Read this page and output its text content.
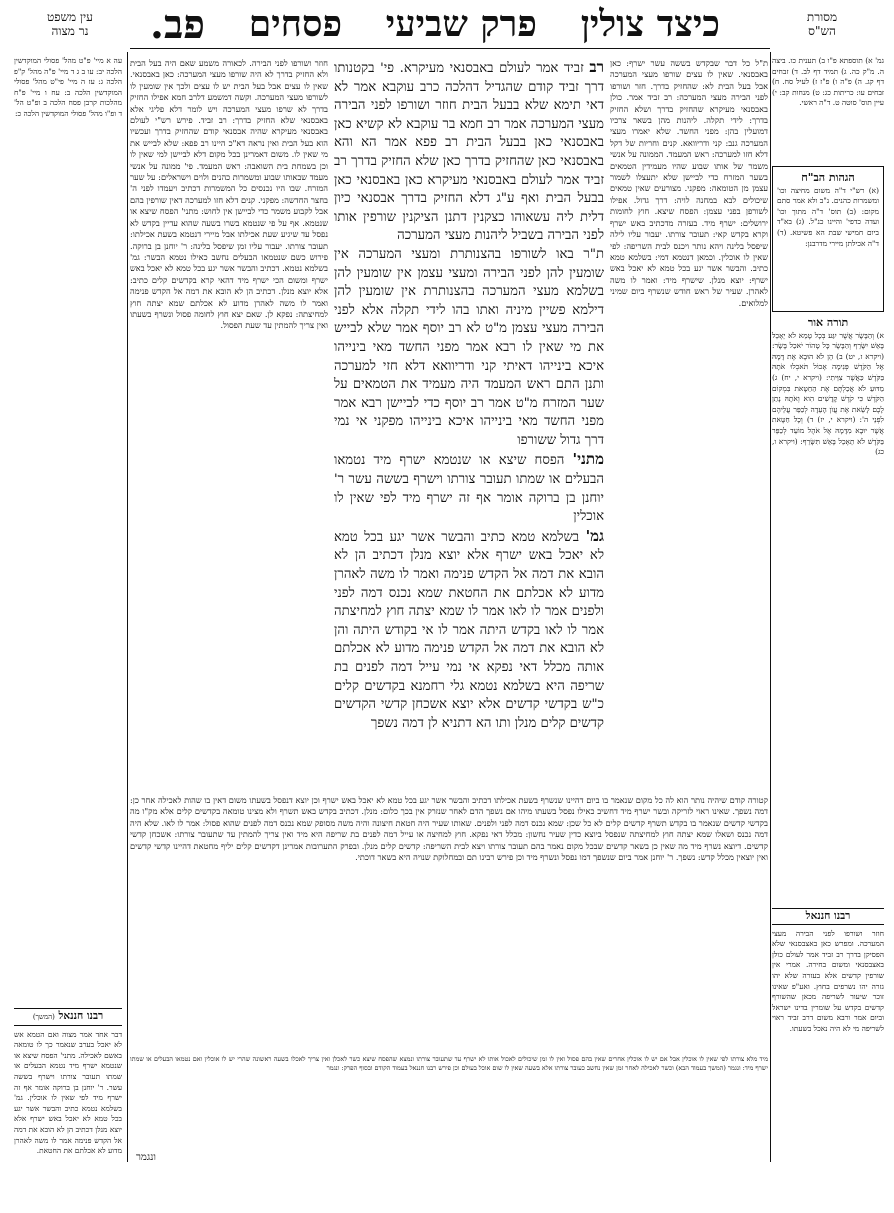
עין משפט
נר מצוה	כיצד צולין
פרק שביעי
פסחים
פב.	מסורת
הש"ס

עה א מיי' פ"ט מהל' פסולי המוקדשין הלכה יב: עו ב ג ד מיי' פ"ה מהל' ק"פ הלכה ג: עז ה מיי' פי"ט מהל' פסולי המוקדשין הלכה ב: עח ו מיי' פ"ח מהלכות קרבן פסח הלכה ב ופ"ט הל' ד ופ"ו מהל' פסולי המוקדשין הלכה כ:

גמ' א) תוספתא פ"ו ב) תענית כו. ביצה ה. מ"ק כה. ג) תמיד דף לב. ד) זבחים דף קג. ה) פ"ה ו) פ"ז ז) לעיל סח. ח) זבחים עו: כריתות כג: ט) מנחות קב: י) עיין תוס' סוטה ט. ד"ה ראשי.

הגהות הב"ח

(א) רש"י ד"ה משום מחיצה וכו' ומשמרות כהנים. נ"ב ולא אמר סתם מקום: (ב) תוס' ד"ה מתוך וכו' ועדה כדפי' והיינו כנ"ל. (ג) בא"ד ביום חמישי שבת הא פשיטא. (ד) ד"ה אכילתן מיירי מדרבנן:

תורה אור

א) וְהַבָּשָׂר אֲשֶׁר יִגַּע בְּכָל טָמֵא לֹא יֵאָכֵל בָּאֵשׁ יִשָּׂרֵף וְהַבָּשָׂר כָּל טָהוֹר יֹאכַל בָּשָׂר: (ויקרא ז, יט) ב) הֵן לֹא הוּבָא אֶת דָּמָהּ אֶל הַקֹּדֶשׁ פְּנִימָה אָכוֹל תֹּאכְלוּ אֹתָהּ בַּקֹּדֶשׁ כַּאֲשֶׁר צִוֵּיתִי: (ויקרא י, יח) ג) מַדּוּעַ לֹא אֲכַלְתֶּם אֶת הַחַטָּאת בִּמְקוֹם הַקֹּדֶשׁ כִּי קֹדֶשׁ קָדָשִׁים הִוא וְאֹתָהּ נָתַן לָכֶם לָשֵׂאת אֶת עֲוֺן הָעֵדָה לְכַפֵּר עֲלֵיהֶם לִפְנֵי ה': (ויקרא י, יז) ד) וְכָל חַטָּאת אֲשֶׁר יוּבָא מִדָּמָהּ אֶל אֹהֶל מוֹעֵד לְכַפֵּר בַּקֹּדֶשׁ לֹא תֵאָכֵל בָּאֵשׁ תִּשָּׂרֵף: (ויקרא ו, כג)

חוזר ושורפו לפני הבירה. לכאורה משמע שאם היה בעל הבית ולא החזיק בדרך לא היה שורפו מעצי המערכה: כאן באבסנאי. שאין לו עצים אבל בעל הבית יש לו עצים ולכך אין שומעין לו לשורפו מעצי המערכה. וקשה דמשמע דלרב חמא אפילו החזיק בדרך לא שרפו מעצי המערכה ויש לומר דלא פליגי אלא באבסנאי שלא החזיק בדרך: רב זביד. פירש רש"י לעולם באבסנאי מעיקרא שהיה אבסנאי קודם שהחזיק בדרך ועכשיו הוא בעל הבית ואין נראה דא"כ היינו רב פפא: שלא לבייש את מי שאין לו. משום דאמרינן בכל מקום דלא לביישן למי שאין לו וכן בשמחת בית השואבה: ראש המעמד. פי' ממונה על אנשי מעמד שבאותו שבוע ומשמרות כהנים ולוים וישראלים: על שער המזרח. שבו היו נכנסים כל המשמרות דכתיב ויעמדו לפני ה' בחצר החדשה: מפקני. קנים דלא חזו למערכה דאין שורפין בהם אבל לקבוע משמר כדי לביישן אין לחוש: מתני' הפסח שיצא או שנטמא. אף על פי שנטמא בשרו בשעה שהוא עדיין בקדש לא נפסל עד שיגיע שעת אכילתו אבל מיירי דנטמא בשעת אכילתו: תעובר צורתו. יעבור עליו זמן שיפסל בלינה: ר' יוחנן בן ברוקה. פירוש כשם שנטמאו הבעלים נחשב כאילו נטמא הבשר: גמ' בשלמא נטמא. דכתיב והבשר אשר יגע בכל טמא לא יאכל באש ישרף ומשום הכי ישרף מיד דהאי קרא בקדשים קלים כתיב: אלא יוצא מנלן. דכתיב הן לא הובא את דמה אל הקדש פנימה ואמר לו משה לאהרן מדוע לא אכלתם שמא יצתה חוץ למחיצתה: נפקא לן. שאם יצא חוץ לחומה פסול ונשרף בשעתו ואין צריך להמתין עד שעת הפסול.

רב זביד אמר לעולם באבסנאי מעיקרא. פי' בקטנותו דרך זביד קודם שהגדיל דהלכה כרב עוקבא אמר לא דאי תימא שלא בבעל הבית חוזר ושורפו לפני הבירה מעצי המערכה אמר רב חמא בר עוקבא לא קשיא כאן באבסנאי כאן בבעל הבית רב פפא אמר הא והא באבסנאי כאן שהחזיק בדרך כאן שלא החזיק בדרך רב זביד אמר לעולם באבסנאי מעיקרא כאן באבסנאי כאן בבעל הבית ואף ע"ג דלא החזיק בדרך אבסנאי כיון דלית ליה עשאוהו כצקנין דתנן הציקנין שורפין אותו לפני הבירה בשביל ליהנות מעצי המערכה

ת"ר באו לשורפו בהצנותרת ומעצי המערכה אין שומעין להן לפני הבירה ומעצי עצמן אין שומעין להן בשלמא מעצי המערכה בהצנותרת אין שומעין להן דילמא פשיין מיניה ואתו בהו לידי תקלה אלא לפני הבירה מעצי עצמן מ"ט לא רב יוסף אמר שלא לבייש את מי שאין לו רבא אמר מפני החשד מאי בינייהו איכא בינייהו דאיתי קני ודריוואא דלא חזי למערכה ותנן התם ראש המעמד היה מעמיד את הטמאים על שער המזרח מ"ט אמר רב יוסף כדי לביישן רבא אמר מפני החשד מאי בינייהו איכא בינייהו מפקני אי נמי דרך גדול ששורפו

מתני' הפסח שיצא או שנטמא ישרף מיד נטמאו הבעלים או שמתו תעובר צורתו וישרף בששה עשר ר' יוחנן בן ברוקה אומר אף זה ישרף מיד לפי שאין לו אוכלין

גמ' בשלמא טמא כתיב והבשר אשר יגע בכל טמא לא יאכל באש ישרף אלא יוצא מנלן דכתיב הן לא הובא את דמה אל הקדש פנימה ואמר לו משה לאהרן מדוע לא אכלתם את החטאת שמא נכנס דמה לפני ולפנים אמר לו לאו אמר לו שמא יצתה חוץ למחיצתה אמר לו לאו בקדש היתה אמר לו אי בקודש היתה והן לא הובא את דמה אל הקדש פנימה מדוע לא אכלתם אותה מכלל דאי נפקא אי נמי עייל דמה לפנים בת שריפה היא בשלמא נטמא גלי רחמנא בקדשים קלים כ"ש בקדשי קדשים אלא יוצא אשכחן קדשי הקדשים קדשים קלים מנלן ותו הא דתניא לן דמה נשפך

ת"ל כל דבר שבקדש בששה עשר ישרף: כאן באבסנאי. שאין לו עצים שורפו מעצי המערכה אבל בעל הבית לא: שהחזיק בדרך. חזר ושורפו לפני הבירה מעצי המערכה: רב זביד אמר. כולן באבסנאי מעיקרא שהחזיק בדרך ושלא החזיק בדרך: לידי תקלה. ליהנות מהן בשאר צרכיו דמועלין בהן: מפני החשד. שלא יאמרו מעצי המערכה גנב: קני ודריוואא. קנים וחריות של דקל דלא חזו למערכה: ראש המעמד. הממונה על אנשי משמר של אותו שבוע שהיו מעמידין הטמאים בשער המזרח כדי לביישן שלא יתעצלו לשמור עצמן מן הטומאה: מפקני. מצורעים שאין טמאים שיכולים לבא במחנה לויה: דרך גדול. אפילו לשורפן בפני עצמן: הפסח שיצא. חוץ לחומות ירושלים: ישרף מיד. בעזרה מדכתיב באש ישרף וקרא בקדש קאי: תעובר צורתו. יעבור עליו לילה שיפסל בלינה ויהא נותר ויכנס לבית השריפה: לפי שאין לו אוכלין. וכמאן דנטמא דמי: בשלמא טמא כתיב. והבשר אשר יגע בכל טמא לא יאכל באש ישרף: יוצא מנלן. שישרף מיד: ואמר לו משה לאהרן. שעיר של ראש חודש שנשרף ביום שמיני למלואים.

קטורה קודם שיהיה נותר הוא לה כל מקום שנאמר בו ביום דהיינו שנשרף בשעת אכילתו דכתיב והבשר אשר יגע בכל טמא לא יאכל באש ישרף וכן יוצא דנפסל בשעתו משום דאין בו שהות לאכילה אחר כן: דמה נשפך. שאינו ראוי לזריקה ובשר ישרף מיד דחשיב כאילו נפסל בשעתו מיהו אם נשפך הדם לאחר שנזרק אין בכך כלום: מנלן. דכתיב בקדש באש תשרף ולא מצינו טומאה בקדשים קלים אלא מק"ו מה בקדשי קדשים שנאמר בו בקדש תשרף קדשים קלים לא כל שכן: שמא נכנס דמה לפני ולפנים. שאותו שעיר היה חטאת חיצונה והיה משה מסופק שמא נכנס דמה לפנים שהוא פסול: אמר לו לאו. שלא היה דמה נכנס ושאלו שמא יצתה חוץ למחיצתה שנפסל ביוצא כדין שעיר נחשון: מכלל דאי נפקא. חוץ למחיצה או עייל דמה לפנים בת שריפה היא מיד ואין צריך להמתין עד שתעובר צורתו: אשכחן קדשי קדשים. דיוצא נשרף מיד מה שאין כן בשאר קדשים שבכל מקום נאמר בהם תעובר צורתו ויצא לבית השריפה: קדשים קלים מנלן. ובפרק התערובות אמרינן דקדשים קלים יליף מחטאת דהיינו קדשי קדשים ואין יוצאין מכלל קדש: נשפך. ר' יוחנן אמר ביום שנשפך דמו נפסל ונשרף מיד וכן פירש רבינו תם ובמחלוקת שנויה היא בשאר דוכתי.

רבנו חננאל

חוזר ושורפו לפני הבירה מעצי המערכה. ומפרש כאן באצבסנאי שלא הפסיקן בדרך רב זביד אמר לעולם כולן באצבסנאי ומשום בחירה. אמרי אין שורפין קדשים אלא בעזרה שלא יהו גזרה יהו נשרפים בחוץ. ואע"פ שאינו זוכר שיעור לשריפה מכאן שהשורף קדשים בקדש על שומרין בדינו ישראל וביום אמר ורבא משום דרב זביד ראוי לשריפה מי לא היה נאכל בשעתו.

רבנו חננאל (המשך)

דבר אחד אמר מצוה ואם הטמא אש לא יאכל בערב שנאמר כך לו טומאה באשם לאכילה. מתני' הפסח שיצא או שנטמא ישרף מיד נטמא הבעלים או שמתו תעובר צורתו וישרף בששה עשר. ר' יוחנן בן ברוקה אומר אף זה ישרף מיד לפי שאין לו אוכלין. גמ' בשלמא נטמא כתיב והבשר אשר יגע בכל טמא לא יאכל באש ישרף אלא יוצא מנלן דכתיב הן לא הובא את דמה אל הקדש פנימה אמר לו משה לאהרן מדוע לא אכלתם את החטאת.

מיד מלא צורתו לפי שאין לו אוכלין אבל אם יש לו אוכלין אחרים שאין בהם פסול ואין לו זמן שיכולים לאכול אותו לא ישרף עד שתעובר צורתו ונמצא שהפסח שיצא כשר לאכלן ואין צריך לאכלו בשעה ראשונה שהרי יש לו אוכלין ואם נטמאו הבעלים או שמתו ישרף מיד: ונגמר (המשך בעמוד הבא) וכשר לאכילה לאחר זמן שאין נחשב כעובר צורתו אלא בשעה שאין לו שום אוכל בעולם וכן פירש רבנו חננאל בעמוד הקודם ובסוף הפרק: ונגמר

ונגמר
